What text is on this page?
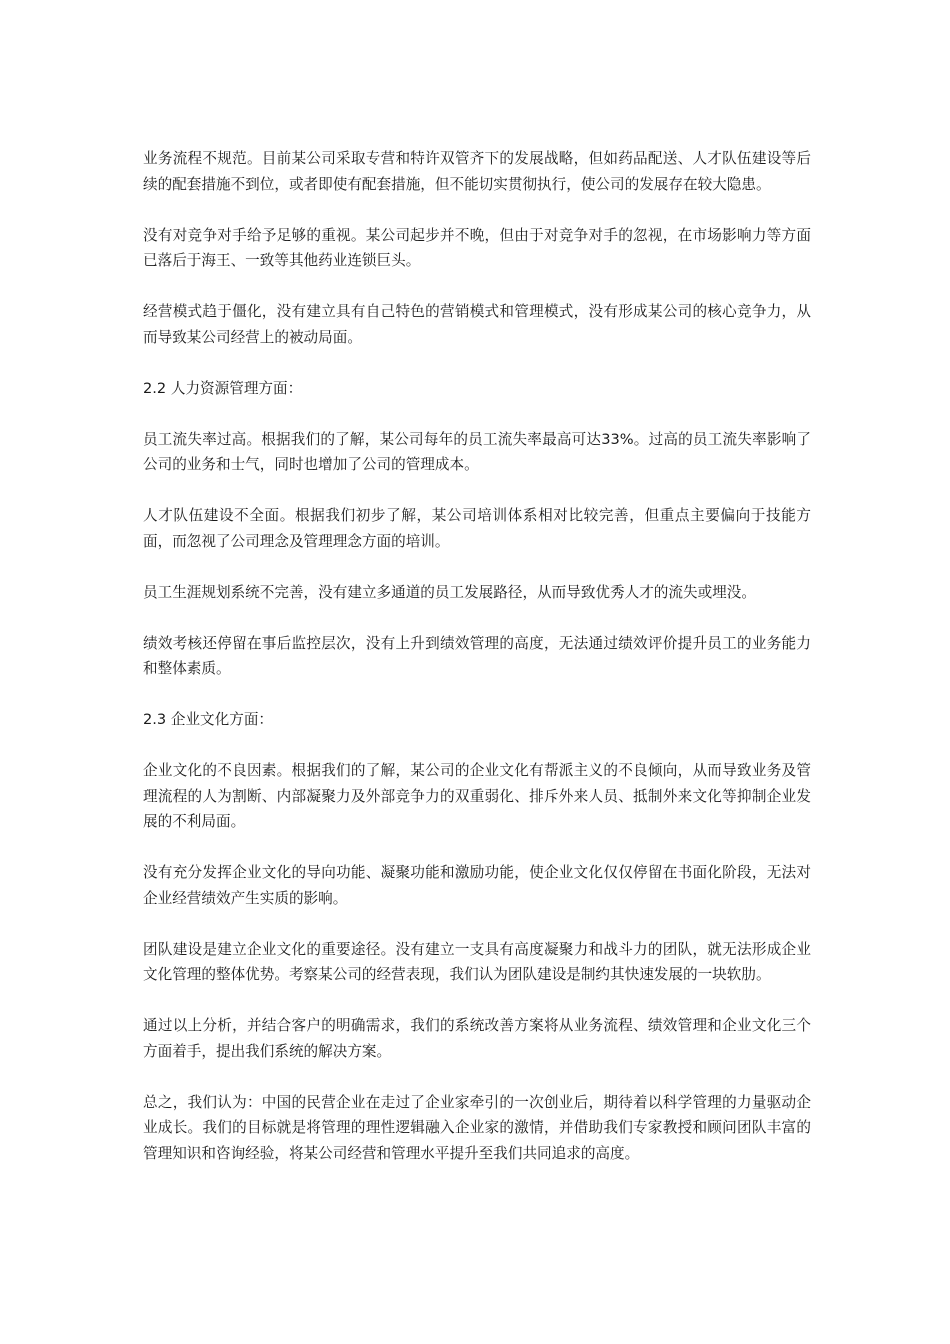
业务流程不规范。目前某公司采取专营和特许双管齐下的发展战略，但如药品配送、人才队伍建设等后续的配套措施不到位，或者即使有配套措施，但不能切实贯彻执行，使公司的发展存在较大隐患。

没有对竞争对手给予足够的重视。某公司起步并不晚，但由于对竞争对手的忽视，在市场影响力等方面已落后于海王、一致等其他药业连锁巨头。

经营模式趋于僵化，没有建立具有自己特色的营销模式和管理模式，没有形成某公司的核心竞争力，从而导致某公司经营上的被动局面。

2.2 人力资源管理方面：

员工流失率过高。根据我们的了解，某公司每年的员工流失率最高可达33%。过高的员工流失率影响了公司的业务和士气，同时也增加了公司的管理成本。

人才队伍建设不全面。根据我们初步了解，某公司培训体系相对比较完善，但重点主要偏向于技能方面，而忽视了公司理念及管理理念方面的培训。

员工生涯规划系统不完善，没有建立多通道的员工发展路径，从而导致优秀人才的流失或埋没。

绩效考核还停留在事后监控层次，没有上升到绩效管理的高度，无法通过绩效评价提升员工的业务能力和整体素质。

2.3 企业文化方面：

企业文化的不良因素。根据我们的了解，某公司的企业文化有帮派主义的不良倾向，从而导致业务及管理流程的人为割断、内部凝聚力及外部竞争力的双重弱化、排斥外来人员、抵制外来文化等抑制企业发展的不利局面。

没有充分发挥企业文化的导向功能、凝聚功能和激励功能，使企业文化仅仅停留在书面化阶段，无法对企业经营绩效产生实质的影响。

团队建设是建立企业文化的重要途径。没有建立一支具有高度凝聚力和战斗力的团队，就无法形成企业文化管理的整体优势。考察某公司的经营表现，我们认为团队建设是制约其快速发展的一块软肋。

通过以上分析，并结合客户的明确需求，我们的系统改善方案将从业务流程、绩效管理和企业文化三个方面着手，提出我们系统的解决方案。

总之，我们认为：中国的民营企业在走过了企业家牵引的一次创业后，期待着以科学管理的力量驱动企业成长。我们的目标就是将管理的理性逻辑融入企业家的激情，并借助我们专家教授和顾问团队丰富的管理知识和咨询经验，将某公司经营和管理水平提升至我们共同追求的高度。
